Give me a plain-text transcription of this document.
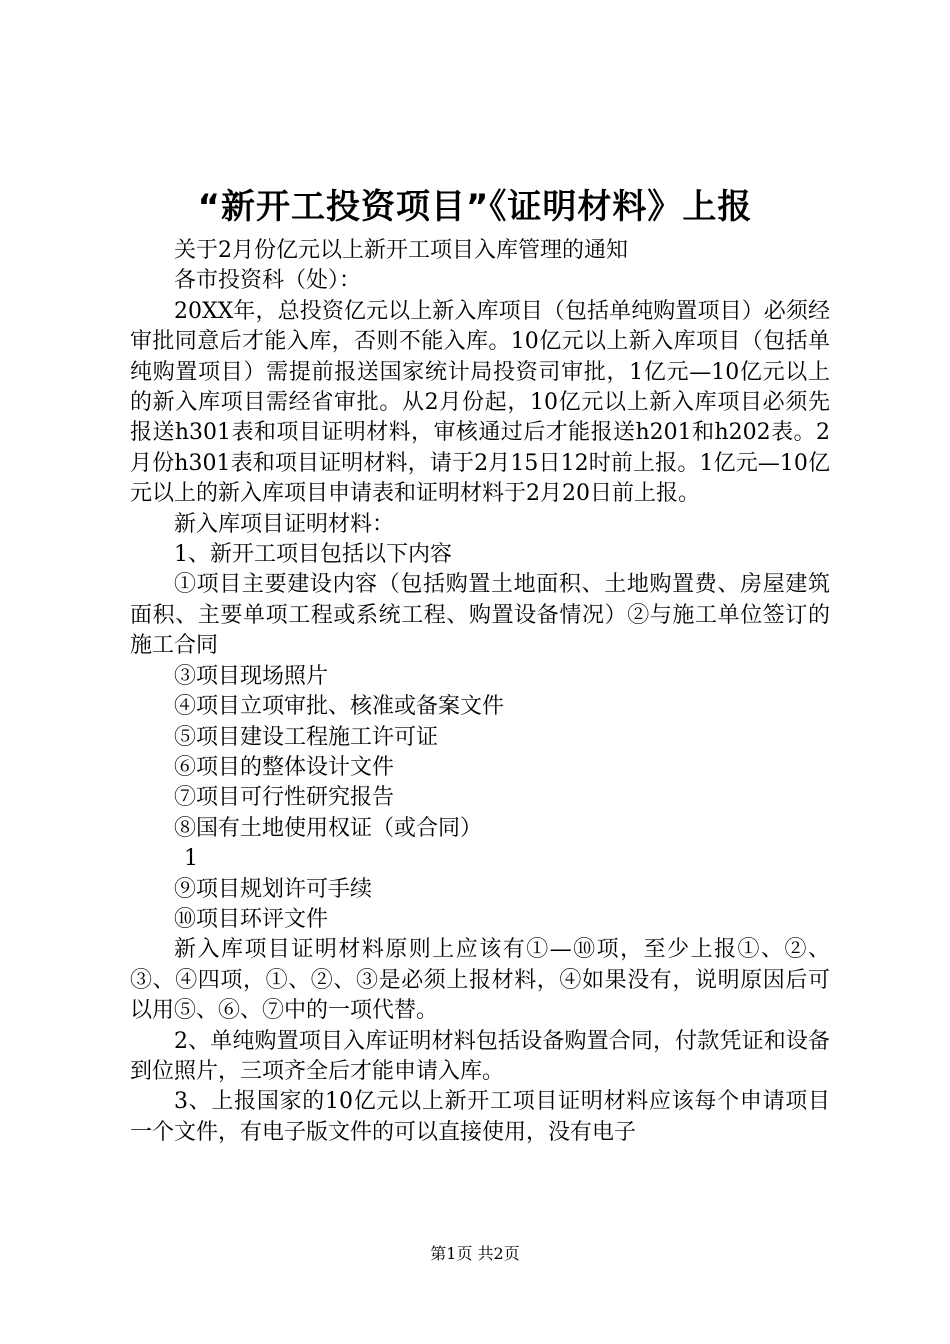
“新开工投资项目”《证明材料》上报

关于2月份亿元以上新开工项目入库管理的通知

各市投资科（处）：

20XX年，总投资亿元以上新入库项目（包括单纯购置项目）必须经审批同意后才能入库，否则不能入库。10亿元以上新入库项目（包括单纯购置项目）需提前报送国家统计局投资司审批，1亿元—10亿元以上的新入库项目需经省审批。从2月份起，10亿元以上新入库项目必须先报送h301表和项目证明材料，审核通过后才能报送h201和h202表。2月份h301表和项目证明材料，请于2月15日12时前上报。1亿元—10亿元以上的新入库项目申请表和证明材料于2月20日前上报。

新入库项目证明材料：

1、新开工项目包括以下内容

①项目主要建设内容（包括购置土地面积、土地购置费、房屋建筑面积、主要单项工程或系统工程、购置设备情况）②与施工单位签订的施工合同

③项目现场照片

④项目立项审批、核准或备案文件

⑤项目建设工程施工许可证

⑥项目的整体设计文件

⑦项目可行性研究报告

⑧国有土地使用权证（或合同）

1

⑨项目规划许可手续

⑩项目环评文件

新入库项目证明材料原则上应该有①—⑩项，至少上报①、②、③、④四项，①、②、③是必须上报材料，④如果没有，说明原因后可以用⑤、⑥、⑦中的一项代替。

2、单纯购置项目入库证明材料包括设备购置合同，付款凭证和设备到位照片，三项齐全后才能申请入库。

3、上报国家的10亿元以上新开工项目证明材料应该每个申请项目一个文件，有电子版文件的可以直接使用，没有电子

第1页 共2页
